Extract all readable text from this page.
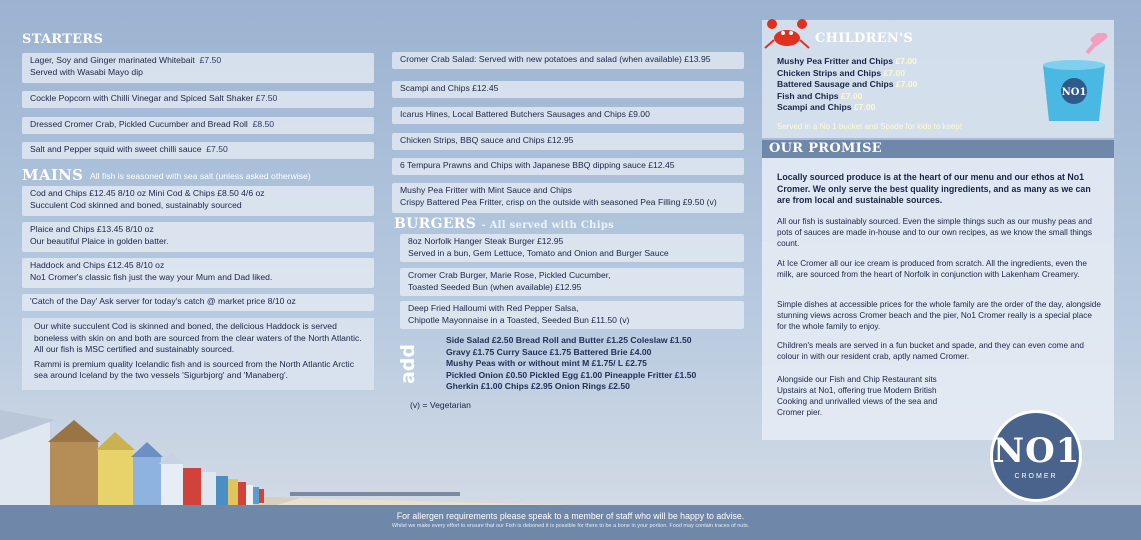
STARTERS
Lager, Soy and Ginger marinated Whitebait £7.50
Served with Wasabi Mayo dip
Cockle Popcorn with Chilli Vinegar and Spiced Salt Shaker £7.50
Dressed Cromer Crab, Pickled Cucumber and Bread Roll £8.50
Salt and Pepper squid with sweet chilli sauce £7.50
MAINS All fish is seasoned with sea salt (unless asked otherwise)
Cod and Chips £12.45 8/10 oz Mini Cod & Chips £8.50 4/6 oz
Succulent Cod skinned and boned, sustainably sourced
Plaice and Chips £13.45 8/10 oz
Our beautiful Plaice in golden batter.
Haddock and Chips £12.45 8/10 oz
No1 Cromer's classic fish just the way your Mum and Dad liked.
'Catch of the Day' Ask server for today's catch @ market price 8/10 oz
Our white succulent Cod is skinned and boned, the delicious Haddock is served boneless with skin on and both are sourced from the clear waters of the North Atlantic. All our fish is MSC certified and sustainably sourced.
Rammi is premium quality Icelandic fish and is sourced from the North Atlantic Arctic sea around Iceland by the two vessels 'Sigurbjorg' and 'Manaberg'.
Cromer Crab Salad: Served with new potatoes and salad (when available) £13.95
Scampi and Chips £12.45
Icarus Hines, Local Battered Butchers Sausages and Chips £9.00
Chicken Strips, BBQ sauce and Chips £12.95
6 Tempura Prawns and Chips with Japanese BBQ dipping sauce £12.45
Mushy Pea Fritter with Mint Sauce and Chips
Crispy Battered Pea Fritter, crisp on the outside with seasoned Pea Filling £9.50 (v)
BURGERS - All served with Chips
8oz Norfolk Hanger Steak Burger £12.95
Served in a bun, Gem Lettuce, Tomato and Onion and Burger Sauce
Cromer Crab Burger, Marie Rose, Pickled Cucumber,
Toasted Seeded Bun (when available) £12.95
Deep Fried Halloumi with Red Pepper Salsa,
Chipotle Mayonnaise in a Toasted, Seeded Bun £11.50 (v)
add
Side Salad £2.50 Bread Roll and Butter £1.25 Coleslaw £1.50
Gravy £1.75 Curry Sauce £1.75 Battered Brie £4.00
Mushy Peas with or without mint M £1.75/ L £2.75
Pickled Onion £0.50 Pickled Egg £1.00 Pineapple Fritter £1.50
Gherkin £1.00 Chips £2.95 Onion Rings £2.50
(v) = Vegetarian
CHILDREN'S
Mushy Pea Fritter and Chips £7.00
Chicken Strips and Chips £7.00
Battered Sausage and Chips £7.00
Fish and Chips £7.00
Scampi and Chips £7.00
Served in a No 1 bucket and Spade for kids to keep!
NO1
OUR PROMISE
Locally sourced produce is at the heart of our menu and our ethos at No1 Cromer. We only serve the best quality ingredients, and as many as we can are from local and sustainable sources.
All our fish is sustainably sourced. Even the simple things such as our mushy peas and pots of sauces are made in-house and to our own recipes, as we know the small things count.
At Ice Cromer all our ice cream is produced from scratch. All the ingredients, even the milk, are sourced from the heart of Norfolk in conjunction with Lakenham Creamery.
Simple dishes at accessible prices for the whole family are the order of the day, alongside stunning views across Cromer beach and the pier, No1 Cromer really is a special place for the whole family to enjoy.
Children's meals are served in a fun bucket and spade, and they can even come and colour in with our resident crab, aptly named Cromer.
Alongside our Fish and Chip Restaurant sits Upstairs at No1, offering true Modern British Cooking and unrivalled views of the sea and Cromer pier.
NO1
CROMER
For allergen requirements please speak to a member of staff who will be happy to advise.
Whilst we make every effort to ensure that our Fish is deboned it is possible for there to be a bone in your portion. Food may contain traces of nuts.
